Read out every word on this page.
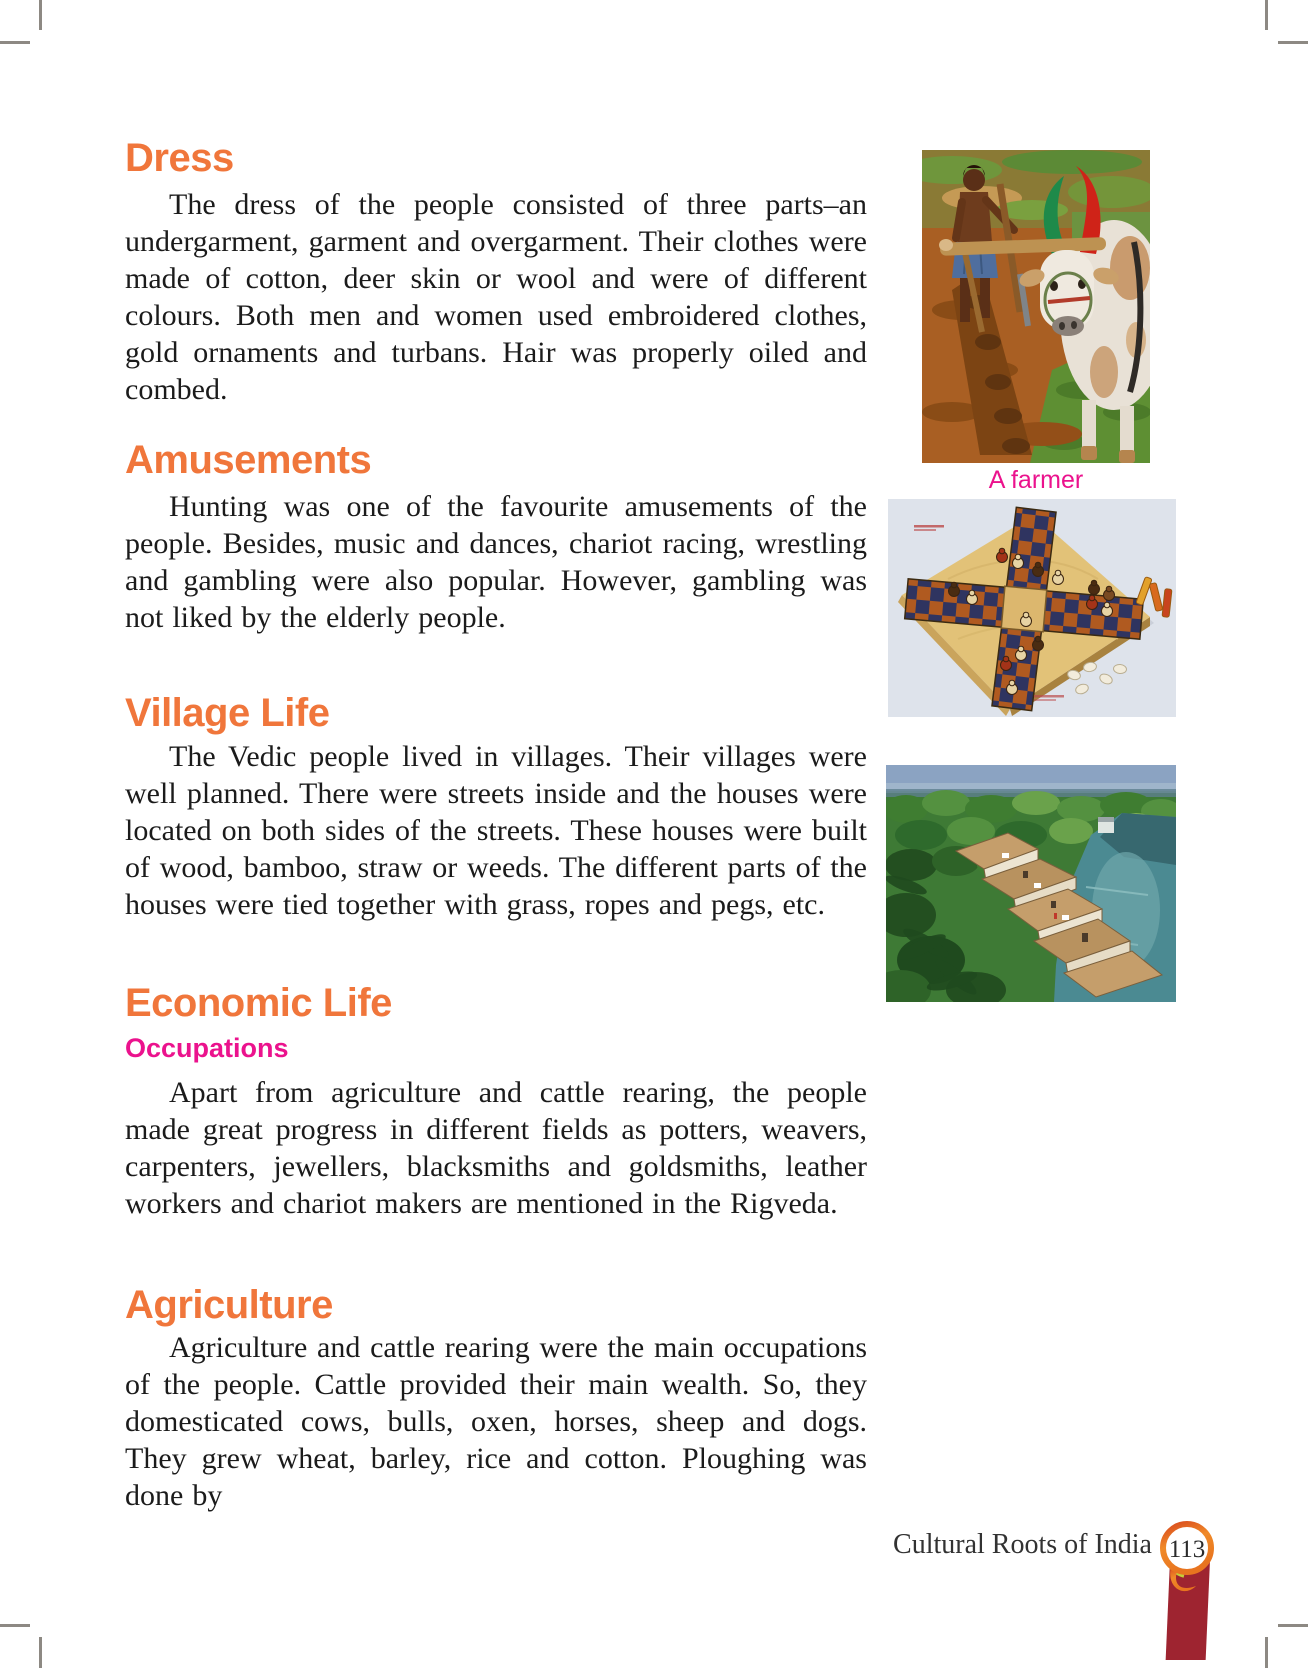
Dress

The dress of the people consisted of three parts–an undergarment, garment and overgarment. Their clothes were made of cotton, deer skin or wool and were of different colours. Both men and women used embroidered clothes, gold ornaments and turbans. Hair was properly oiled and combed.

Amusements

Hunting was one of the favourite amusements of the people. Besides, music and dances, chariot racing, wrestling and gambling were also popular. However, gambling was not liked by the elderly people.

Village Life

The Vedic people lived in villages. Their villages were well planned. There were streets inside and the houses were located on both sides of the streets. These houses were built of wood, bamboo, straw or weeds. The different parts of the houses were tied together with grass, ropes and pegs, etc.

Economic Life
Occupations

Apart from agriculture and cattle rearing, the people made great progress in different fields as potters, weavers, carpenters, jewellers, blacksmiths and goldsmiths, leather workers and chariot makers are mentioned in the Rigveda.

Agriculture

Agriculture and cattle rearing were the main occupations of the people. Cattle provided their main wealth. So, they domesticated cows, bulls, oxen, horses, sheep and dogs. They grew wheat, barley, rice and cotton. Ploughing was done by

A farmer
Cultural Roots of India 113
